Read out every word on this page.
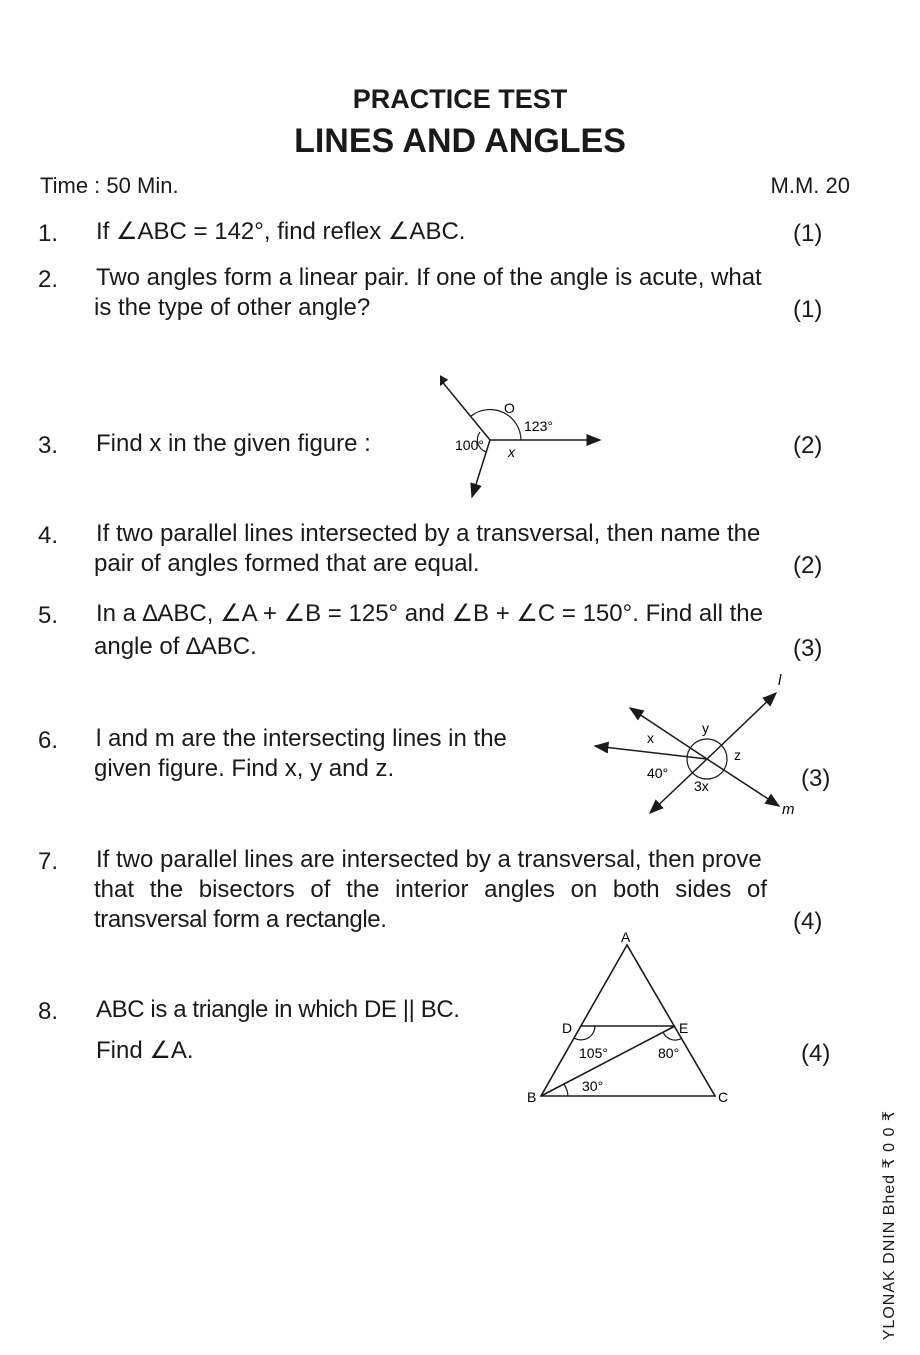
PRACTICE TEST
LINES AND ANGLES
Time : 50 Min.	M.M. 20
1. If ∠ABC = 142°, find reflex ∠ABC.	(1)
2. Two angles form a linear pair. If one of the angle is acute, what
is the type of other angle?	(1)
3. Find x in the given figure :	(2)
O
123°
100° x
4. If two parallel lines intersected by a transversal, then name the
pair of angles formed that are equal.	(2)
5. In a ∆ABC, ∠A + ∠B = 125° and ∠B + ∠C = 150°. Find all the
angle of ∆ABC.	(3)
6. l and m are the intersecting lines in the
given figure. Find x, y and z.	(3)
l
m
x
y
z
40°
3x
7. If two parallel lines are intersected by a transversal, then prove
that the bisectors of the interior angles on both sides of
transversal form a rectangle.	(4)
8. ABC is a triangle in which DE || BC.
Find ∠A.	(4)
A
B	C
D	E
105°	80°
30°
YLONAK DNIN Bhed ₹ 0 0 ₹
